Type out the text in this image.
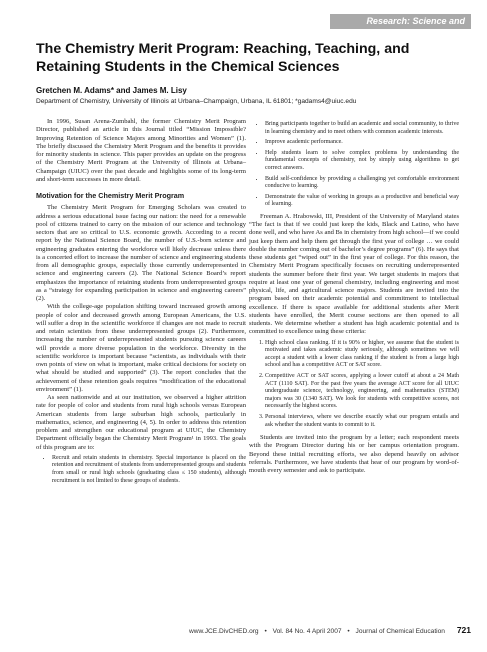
Research: Science and Education
The Chemistry Merit Program: Reaching, Teaching, and Retaining Students in the Chemical Sciences
Gretchen M. Adams* and James M. Lisy
Department of Chemistry, University of Illinois at Urbana–Champaign, Urbana, IL 61801; *gadams4@uiuc.edu

In 1996, Susan Arena-Zumbahl, the former Chemistry Merit Program Director, published an article in this Journal titled “Mission Impossible? Improving Retention of Science Majors among Minorities and Women” (1). The briefly discussed the Chemistry Merit Program and the benefits it provides for minority students in science. This paper provides an update on the progress of the Chemistry Merit Program at the University of Illinois at Urbana–Champaign (UIUC) over the past decade and highlights some of its long-term and short-term successes in more detail.

Motivation for the Chemistry Merit Program

The Chemistry Merit Program for Emerging Scholars was created to address a serious educational issue facing our nation: the need for a renewable pool of citizens trained to carry on the mission of our science and technology sectors that are so critical to U.S. economic growth. According to a recent report by the National Science Board, the number of U.S.-born science and engineering graduates entering the workforce will likely decrease unless there is a concerted effort to increase the number of science and engineering students from all demographic groups, especially those currently underrepresented in science and engineering careers (2). The National Science Board’s report emphasizes the importance of retaining students from underrepresented groups as a “strategy for expanding participation in science and engineering careers” (2).

With the college-age population shifting toward increased growth among people of color and decreased growth among European Americans, the U.S. will suffer a drop in the scientific workforce if changes are not made to recruit and retain scientists from these underrepresented groups (2). Furthermore, increasing the number of underrepresented students pursuing science careers will provide a more diverse population in the workforce. Diversity in the scientific workforce is important because “scientists, as individuals with their own points of view on what is important, make critical decisions for society on what should be studied and supported” (3). The report concludes that the achievement of these retention goals requires “modification of the educational environment” (1).

As seen nationwide and at our institution, we observed a higher attrition rate for people of color and students from rural high schools versus European American students from large suburban high schools, particularly in mathematics, science, and engineering (4, 5). In order to address this retention problem and strengthen our educational program at UIUC, the Chemistry Department officially began the Chemistry Merit Program¹ in 1993. The goals of this program are to:

• Recruit and retain students in chemistry. Special importance is placed on the retention and recruitment of students from underrepresented groups and students from small or rural high schools (graduating class ≤ 150 students), although recruitment is not limited to these groups of students.
• Bring participants together to build an academic and social community, to thrive in learning chemistry and to meet others with common academic interests.
• Improve academic performance.
• Help students learn to solve complex problems by understanding the fundamental concepts of chemistry, not by simply using algorithms to get correct answers.
• Build self-confidence by providing a challenging yet comfortable environment conducive to learning.
• Demonstrate the value of working in groups as a productive and beneficial way of learning.

Freeman A. Hrabowski, III, President of the University of Maryland states “The fact is that if we could just keep the kids, Black and Latino, who have done well, and who have As and Bs in chemistry from high school—if we could just keep them and help them get through the first year of college … we could double the number coming out of bachelor’s degree programs” (6). He says that these students get “wiped out” in the first year of college. For this reason, the Chemistry Merit Program specifically focuses on recruiting underrepresented students the summer before their first year. We target students in majors that require at least one year of general chemistry, including engineering and most physical, life, and agricultural science majors. Students are invited into the program based on their academic potential and commitment to intellectual excellence. If there is space available for additional students after Merit students have enrolled, the Merit course sections are then opened to all students. We determine whether a student has high academic potential and is committed to excellence using these criteria:

1. High school class ranking. If it is 90% or higher, we assume that the student is motivated and takes academic study seriously, although sometimes we will accept a student with a lower class ranking if the student is from a large high school and has a competitive ACT or SAT score.
2. Competitive ACT or SAT scores, applying a lower cutoff at about a 24 Math ACT (1110 SAT). For the past five years the average ACT score for all UIUC undergraduate science, technology, engineering, and mathematics (STEM) majors was 30 (1340 SAT). We look for students with competitive scores, not necessarily the highest scores.
3. Personal interviews, where we describe exactly what our program entails and ask whether the student wants to commit to it.

Students are invited into the program by a letter; each respondent meets with the Program Director during his or her campus orientation program. Beyond these initial recruiting efforts, we also depend heavily on advisor referrals. Furthermore, we have students that hear of our program by word-of-mouth every semester and ask to participate.

www.JCE.DivCHED.org • Vol. 84 No. 4 April 2007 • Journal of Chemical Education 721
